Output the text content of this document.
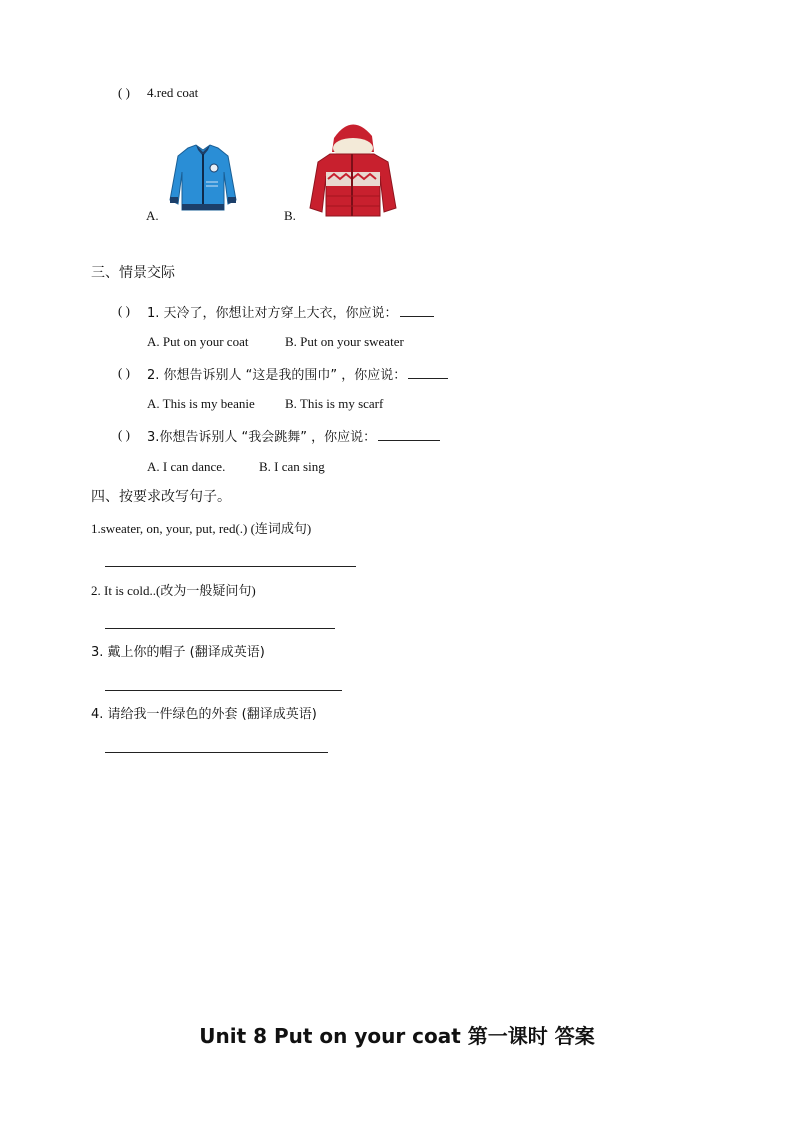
( ) 4.red coat
A.	B.
三、情景交际
( ) 1. 天冷了，你想让对方穿上大衣，你应说：
A. Put on your coat	B. Put on your sweater
( ) 2. 你想告诉别人 “这是我的围巾” ，你应说：
A. This is my beanie B. This is my scarf
( ) 3.你想告诉别人 “我会跳舞” ，你应说：
A. I can dance.	B. I can sing
四、按要求改写句子。
1.sweater, on, your, put, red(.) (连词成句)
2. It is cold..(改为一般疑问句)
3. 戴上你的帽子 (翻译成英语)
4. 请给我一件绿色的外套 (翻译成英语)
Unit 8 Put on your coat 第一课时 答案
